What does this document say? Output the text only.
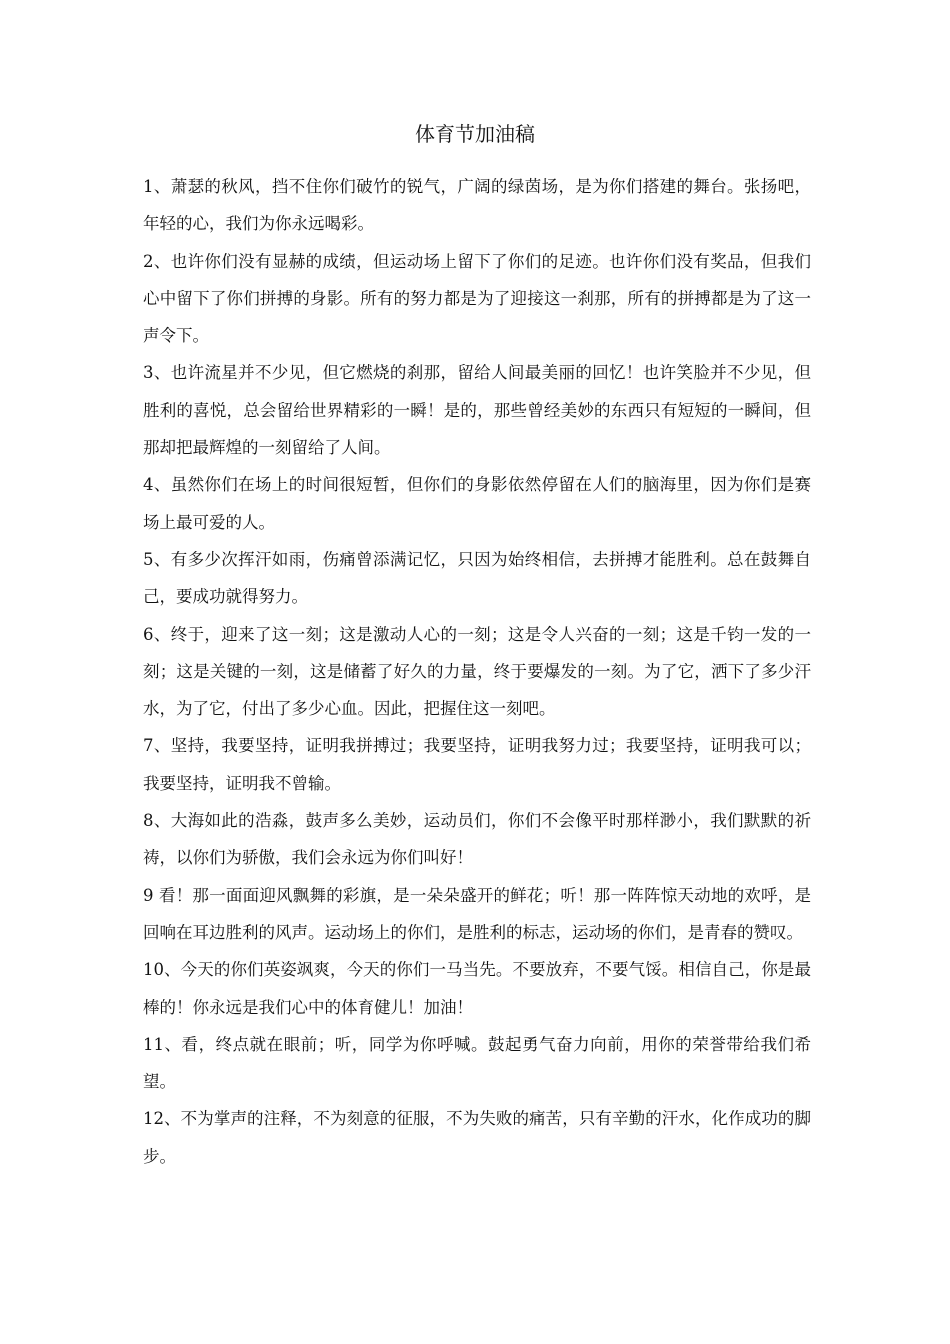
体育节加油稿

1、萧瑟的秋风，挡不住你们破竹的锐气，广阔的绿茵场，是为你们搭建的舞台。张扬吧，年轻的心，我们为你永远喝彩。

2、也许你们没有显赫的成绩，但运动场上留下了你们的足迹。也许你们没有奖品，但我们心中留下了你们拼搏的身影。所有的努力都是为了迎接这一刹那，所有的拼搏都是为了这一声令下。

3、也许流星并不少见，但它燃烧的刹那，留给人间最美丽的回忆！也许笑脸并不少见，但胜利的喜悦，总会留给世界精彩的一瞬！是的，那些曾经美妙的东西只有短短的一瞬间，但那却把最辉煌的一刻留给了人间。

4、虽然你们在场上的时间很短暂，但你们的身影依然停留在人们的脑海里，因为你们是赛场上最可爱的人。

5、有多少次挥汗如雨，伤痛曾添满记忆，只因为始终相信，去拼搏才能胜利。总在鼓舞自己，要成功就得努力。

6、终于，迎来了这一刻；这是激动人心的一刻；这是令人兴奋的一刻；这是千钧一发的一刻；这是关键的一刻，这是储蓄了好久的力量，终于要爆发的一刻。为了它，洒下了多少汗水，为了它，付出了多少心血。因此，把握住这一刻吧。

7、坚持，我要坚持，证明我拼搏过；我要坚持，证明我努力过；我要坚持，证明我可以；我要坚持，证明我不曾输。

8、大海如此的浩淼，鼓声多么美妙，运动员们，你们不会像平时那样渺小，我们默默的祈祷，以你们为骄傲，我们会永远为你们叫好！

9 看！那一面面迎风飘舞的彩旗，是一朵朵盛开的鲜花；听！那一阵阵惊天动地的欢呼，是回响在耳边胜利的风声。运动场上的你们，是胜利的标志，运动场的你们，是青春的赞叹。

10、今天的你们英姿飒爽，今天的你们一马当先。不要放弃，不要气馁。相信自己，你是最棒的！你永远是我们心中的体育健儿！加油！

11、看，终点就在眼前；听，同学为你呼喊。鼓起勇气奋力向前，用你的荣誉带给我们希望。

12、不为掌声的注释，不为刻意的征服，不为失败的痛苦，只有辛勤的汗水，化作成功的脚步。
